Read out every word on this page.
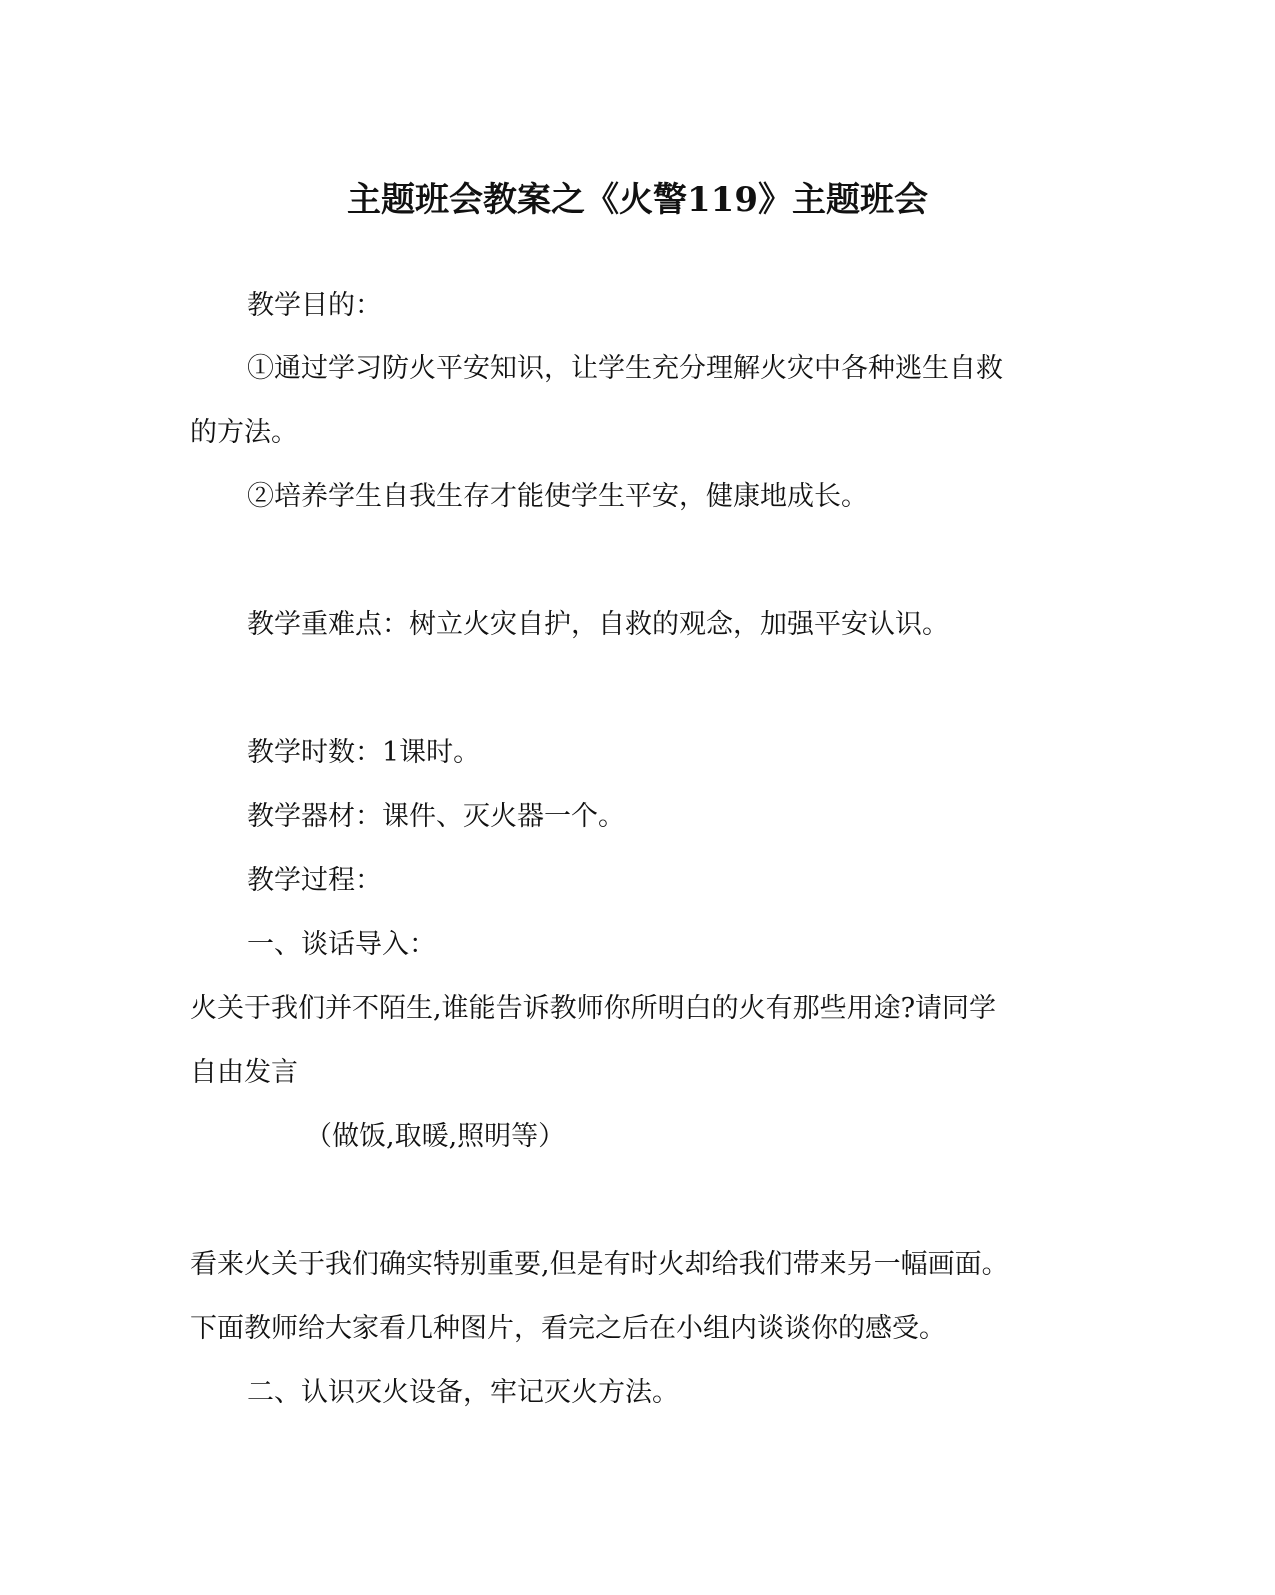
主题班会教案之《火警119》主题班会
教学目的：
①通过学习防火平安知识，让学生充分理解火灾中各种逃生自救
的方法。
②培养学生自我生存才能使学生平安，健康地成长。
教学重难点：树立火灾自护，自救的观念，加强平安认识。
教学时数：1课时。
教学器材：课件、灭火器一个。
教学过程：
一、谈话导入：
火关于我们并不陌生,谁能告诉教师你所明白的火有那些用途?请同学
自由发言
（做饭,取暖,照明等）
看来火关于我们确实特别重要,但是有时火却给我们带来另一幅画面。
下面教师给大家看几种图片，看完之后在小组内谈谈你的感受。
二、认识灭火设备，牢记灭火方法。
